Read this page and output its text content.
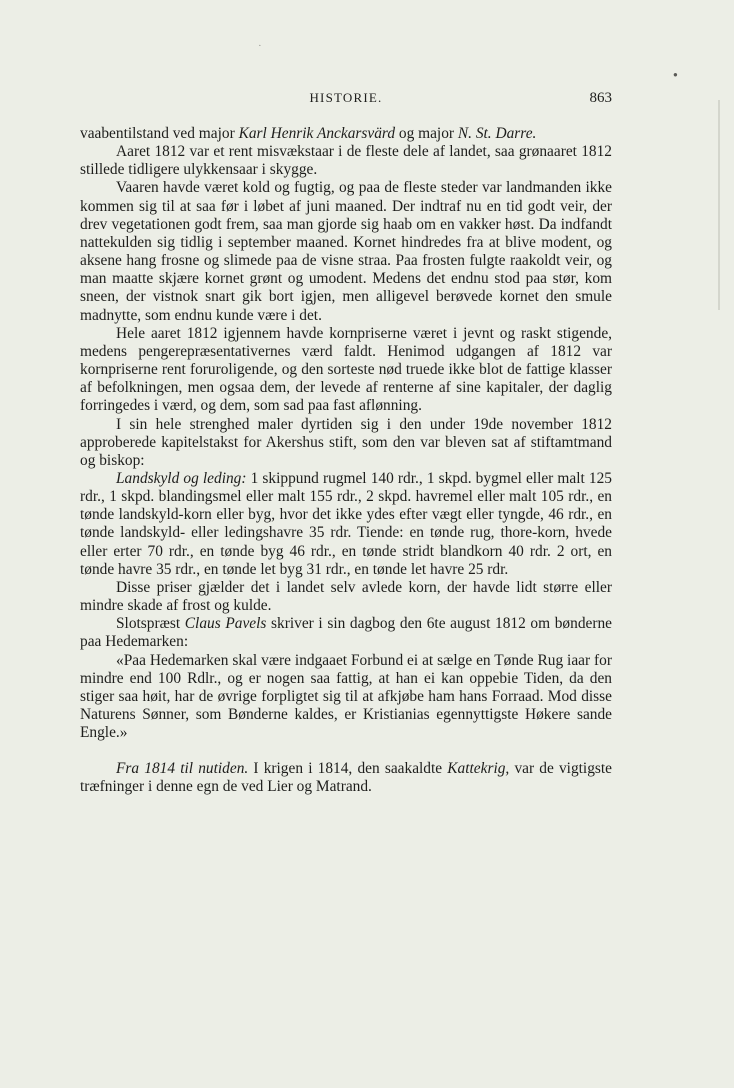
·
●
HISTORIE.	863

vaabentilstand ved major Karl Henrik Anckarsvärd og major N. St. Darre.

Aaret 1812 var et rent misvækstaar i de fleste dele af landet, saa grønaaret 1812 stillede tidligere ulykkensaar i skygge.

Vaaren havde været kold og fugtig, og paa de fleste steder var landmanden ikke kommen sig til at saa før i løbet af juni maaned. Der indtraf nu en tid godt veir, der drev vegetationen godt frem, saa man gjorde sig haab om en vakker høst. Da indfandt nattekulden sig tidlig i september maaned. Kornet hindredes fra at blive modent, og aksene hang frosne og slimede paa de visne straa. Paa frosten fulgte raakoldt veir, og man maatte skjære kornet grønt og umodent. Medens det endnu stod paa stør, kom sneen, der vistnok snart gik bort igjen, men alligevel berøvede kornet den smule madnytte, som endnu kunde være i det.

Hele aaret 1812 igjennem havde kornpriserne været i jevnt og raskt stigende, medens pengerepræsentativernes værd faldt. Henimod udgangen af 1812 var kornpriserne rent foruroligende, og den sorteste nød truede ikke blot de fattige klasser af befolkningen, men ogsaa dem, der levede af renterne af sine kapitaler, der daglig forringedes i værd, og dem, som sad paa fast aflønning.

I sin hele strenghed maler dyrtiden sig i den under 19de november 1812 approberede kapitelstakst for Akershus stift, som den var bleven sat af stiftamtmand og biskop:

Landskyld og leding: 1 skippund rugmel 140 rdr., 1 skpd. bygmel eller malt 125 rdr., 1 skpd. blandingsmel eller malt 155 rdr., 2 skpd. havremel eller malt 105 rdr., en tønde landskyld-korn eller byg, hvor det ikke ydes efter vægt eller tyngde, 46 rdr., en tønde landskyld- eller ledingshavre 35 rdr. Tiende: en tønde rug, thore-korn, hvede eller erter 70 rdr., en tønde byg 46 rdr., en tønde stridt blandkorn 40 rdr. 2 ort, en tønde havre 35 rdr., en tønde let byg 31 rdr., en tønde let havre 25 rdr.

Disse priser gjælder det i landet selv avlede korn, der havde lidt større eller mindre skade af frost og kulde.

Slotspræst Claus Pavels skriver i sin dagbog den 6te august 1812 om bønderne paa Hedemarken:

«Paa Hedemarken skal være indgaaet Forbund ei at sælge en Tønde Rug iaar for mindre end 100 Rdlr., og er nogen saa fattig, at han ei kan oppebie Tiden, da den stiger saa høit, har de øvrige forpligtet sig til at afkjøbe ham hans Forraad. Mod disse Naturens Sønner, som Bønderne kaldes, er Kristianias egennyttigste Høkere sande Engle.»

Fra 1814 til nutiden. I krigen i 1814, den saakaldte Kattekrig, var de vigtigste træfninger i denne egn de ved Lier og Matrand.
